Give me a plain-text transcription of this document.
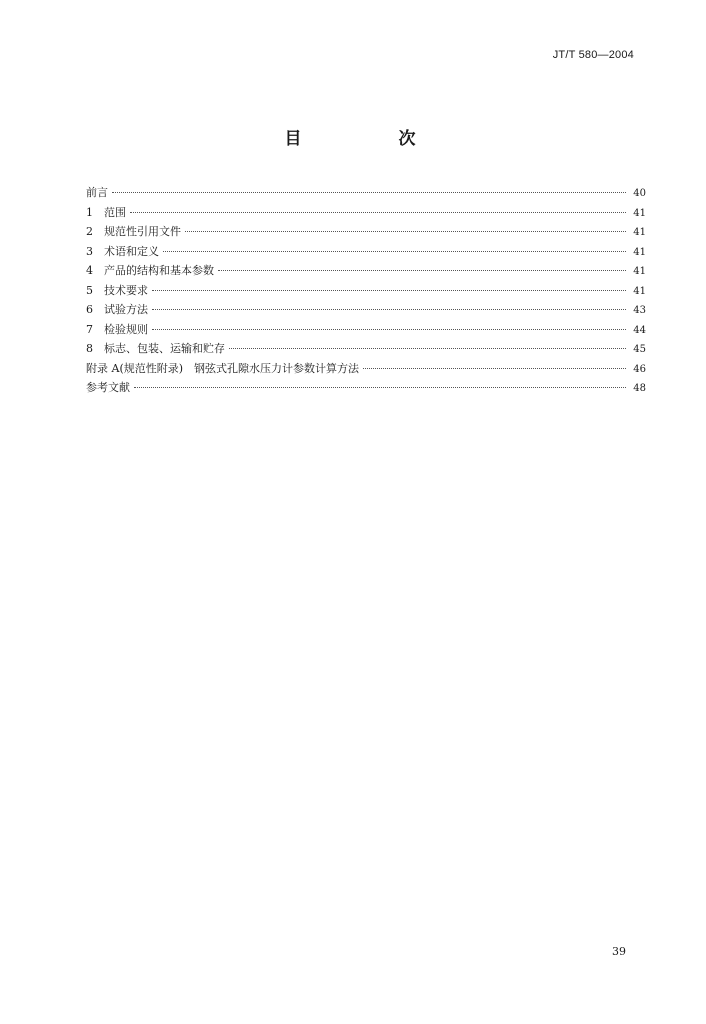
JT/T 580—2004
目　次
前言	40
1　范围	41
2　规范性引用文件	41
3　术语和定义	41
4　产品的结构和基本参数	41
5　技术要求	41
6　试验方法	43
7　检验规则	44
8　标志、包装、运输和贮存	45
附录 A(规范性附录)　钢弦式孔隙水压力计参数计算方法	46
参考文献	48
39
